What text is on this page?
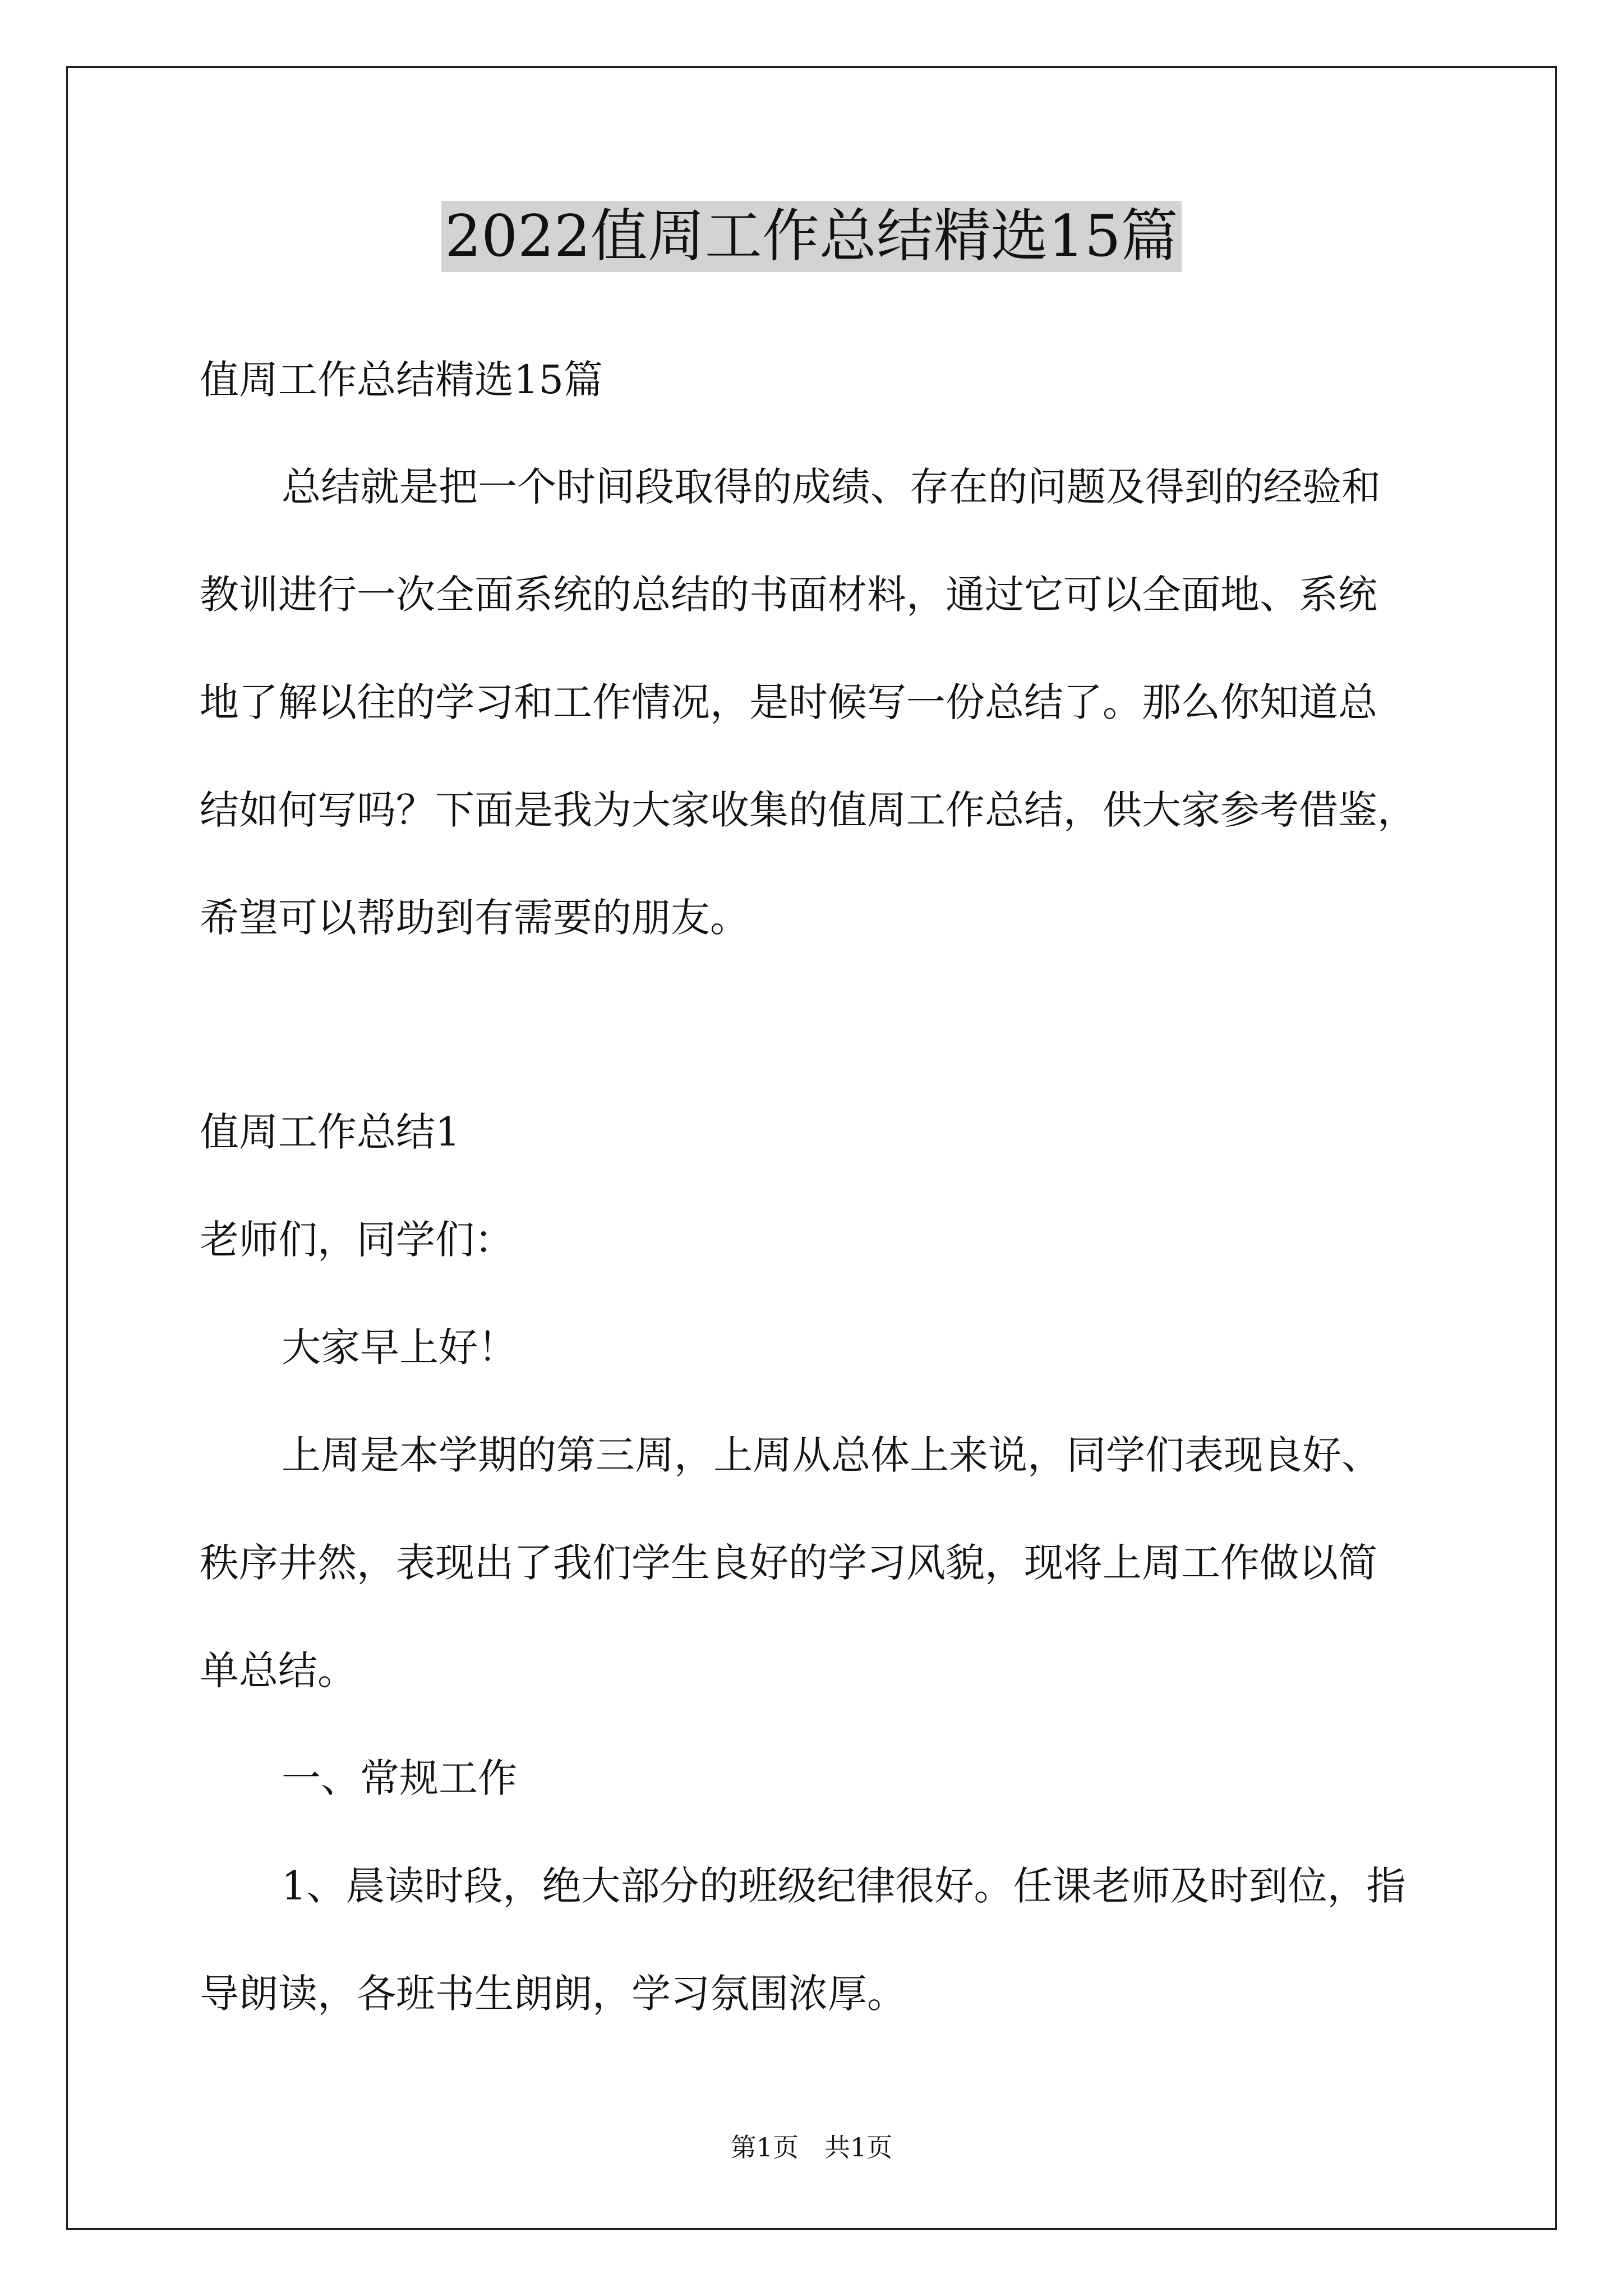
2022值周工作总结精选15篇
值周工作总结精选15篇
总结就是把一个时间段取得的成绩、存在的问题及得到的经验和
教训进行一次全面系统的总结的书面材料，通过它可以全面地、系统
地了解以往的学习和工作情况，是时候写一份总结了。那么你知道总
结如何写吗？下面是我为大家收集的值周工作总结，供大家参考借鉴，
希望可以帮助到有需要的朋友。
值周工作总结1
老师们，同学们：
大家早上好！
上周是本学期的第三周，上周从总体上来说，同学们表现良好、
秩序井然，表现出了我们学生良好的学习风貌，现将上周工作做以简
单总结。
一、常规工作
1、晨读时段，绝大部分的班级纪律很好。任课老师及时到位，指
导朗读，各班书生朗朗，学习氛围浓厚。
第1页　共1页
